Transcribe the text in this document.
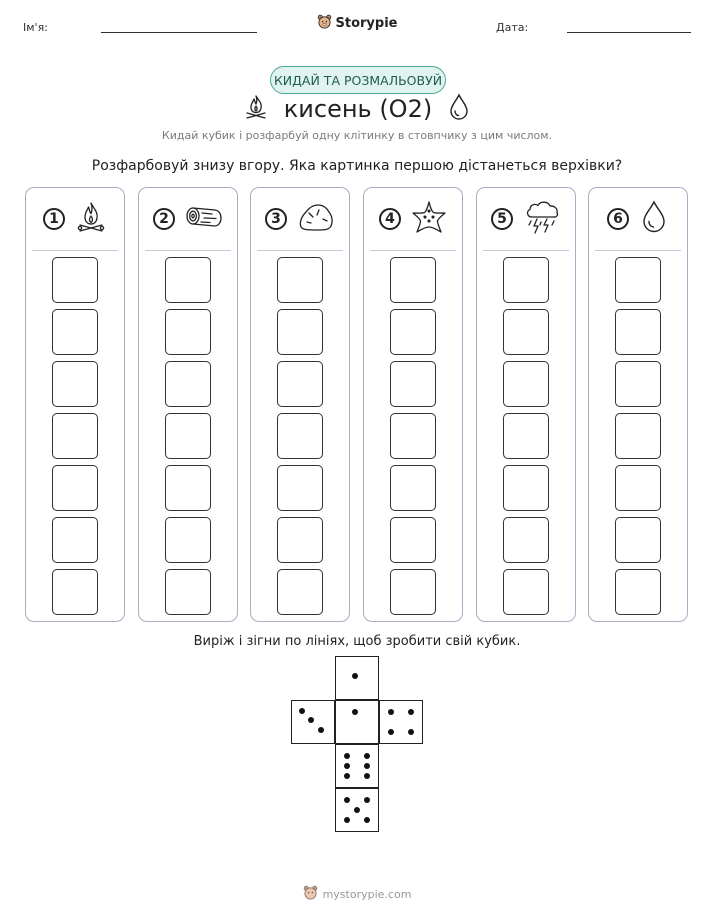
Ім'я:	Storypie	Дата:
КИДАЙ ТА РОЗМАЛЬОВУЙ
кисень (O2)
Кидай кубик і розфарбуй одну клітинку в стовпчику з цим числом.
Розфарбовуй знизу вгору. Яка картинка першою дістанеться верхівки?
1	2	3	4	5	6
Виріж і зігни по лініях, щоб зробити свій кубик.
mystorypie.com
